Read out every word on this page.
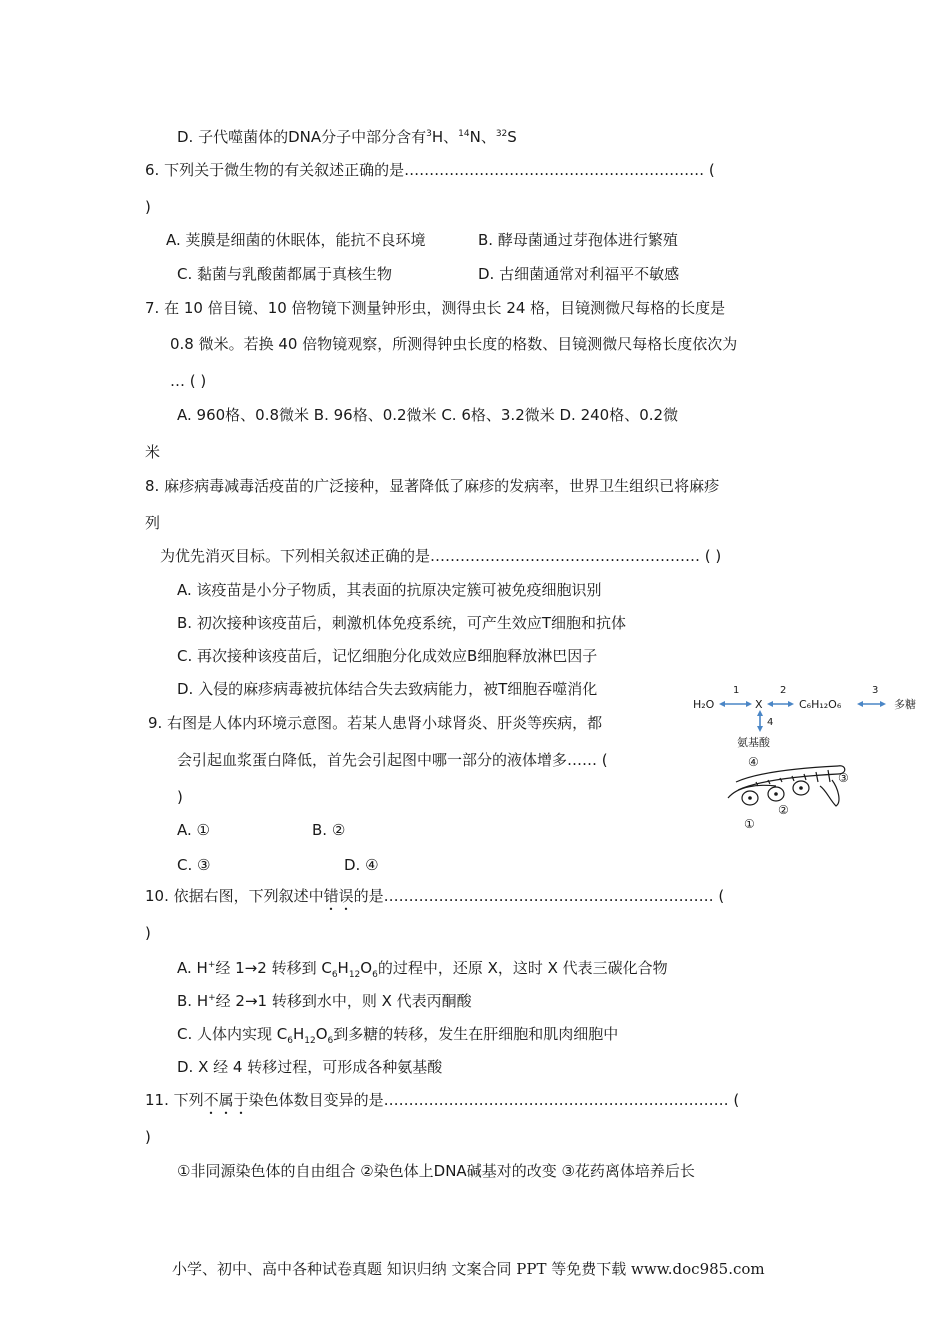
D. 子代噬菌体的DNA分子中部分含有$^3$H、$^{14}$N、$^{32}$S
6. 下列关于微生物的有关叙述正确的是…………………………………………………… (
)
A. 荚膜是细菌的休眠体，能抗不良环境	B. 酵母菌通过芽孢体进行繁殖
C. 黏菌与乳酸菌都属于真核生物	D. 古细菌通常对利福平不敏感
7. 在 10 倍目镜、10 倍物镜下测量钟形虫，测得虫长 24 格，目镜测微尺每格的长度是
0.8 微米。若换 40 倍物镜观察，所测得钟虫长度的格数、目镜测微尺每格长度依次为
… ( )
A. 960格、0.8微米 B. 96格、0.2微米 C. 6格、3.2微米 D. 240格、0.2微
米
8. 麻疹病毒减毒活疫苗的广泛接种，显著降低了麻疹的发病率，世界卫生组织已将麻疹
列
为优先消灭目标。下列相关叙述正确的是……………………………………………… ( )
A. 该疫苗是小分子物质，其表面的抗原决定簇可被免疫细胞识别
B. 初次接种该疫苗后，刺激机体免疫系统，可产生效应T细胞和抗体
C. 再次接种该疫苗后，记忆细胞分化成效应B细胞释放淋巴因子
D. 入侵的麻疹病毒被抗体结合失去致病能力，被T细胞吞噬消化
9. 右图是人体内环境示意图。若某人患肾小球肾炎、肝炎等疾病，都
会引起血浆蛋白降低，首先会引起图中哪一部分的液体增多…… (
)
A. ①	B. ②
C. ③	D. ④
10. 依据右图，下列叙述中错误的是………………………………………………………… (
)
A. H+经 1→2 转移到 $C_6H_{12}O_6$的过程中，还原 X，这时 X 代表三碳化合物
B. H+经 2→1 转移到水中，则 X 代表丙酮酸
C. 人体内实现 $C_6H_{12}O_6$到多糖的转移，发生在肝细胞和肌肉细胞中
D. X 经 4 转移过程，可形成各种氨基酸
11. 下列不属于染色体数目变异的是…………………………………………………………… (
)
①非同源染色体的自由组合 ②染色体上DNA碱基对的改变 ③花药离体培养后长
H₂O	X	C₆H₁₂O₆	多糖
1	2	3
4
氨基酸
①
②
③
④
小学、初中、高中各种试卷真题 知识归纳 文案合同 PPT 等免费下载 www.doc985.com
